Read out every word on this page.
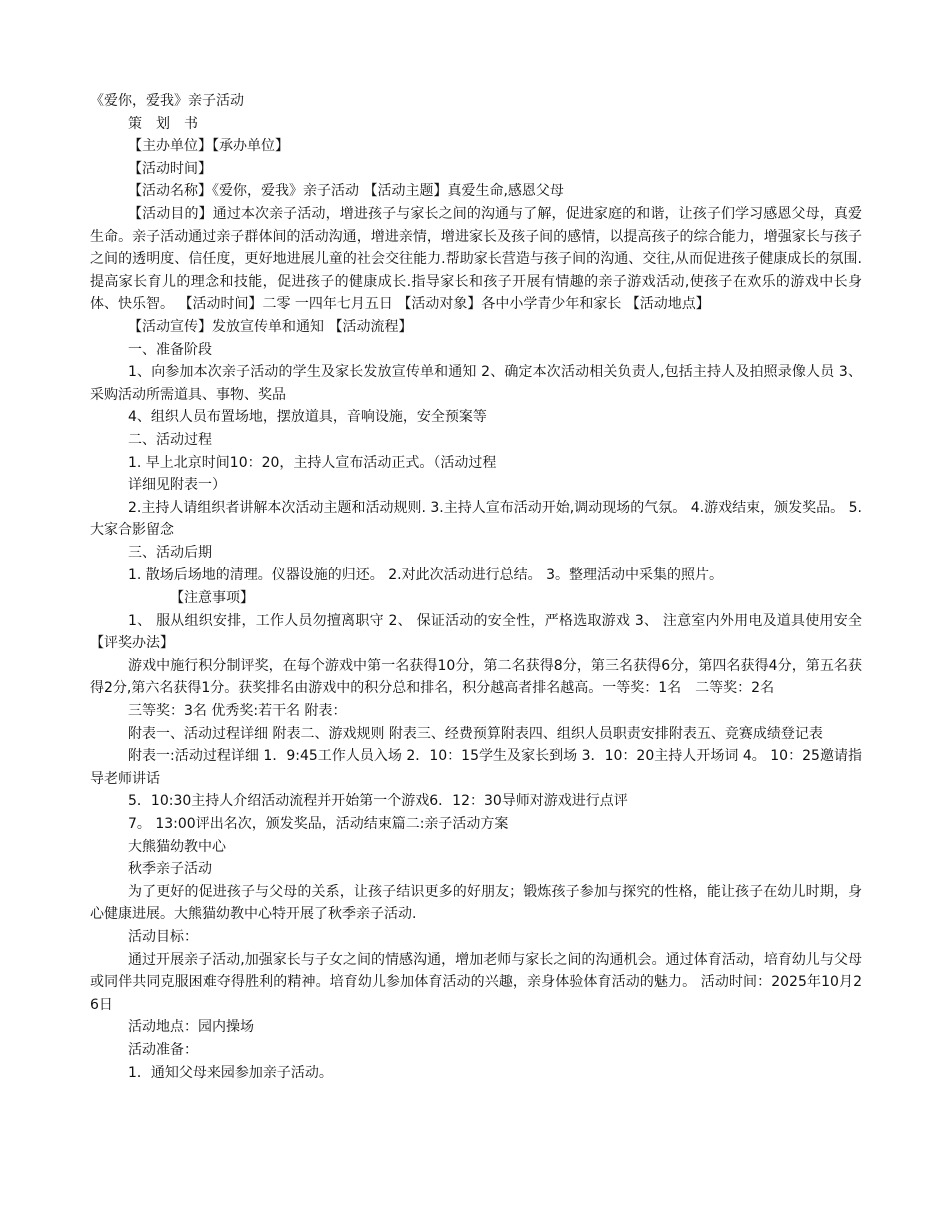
《爱你，爱我》亲子活动

策　划　书

【主办单位】【承办单位】

【活动时间】

【活动名称】《爱你，爱我》亲子活动 【活动主题】真爱生命,感恩父母

【活动目的】通过本次亲子活动，增进孩子与家长之间的沟通与了解，促进家庭的和谐，让孩子们学习感恩父母，真爱生命。亲子活动通过亲子群体间的活动沟通，增进亲情，增进家长及孩子间的感情，以提高孩子的综合能力，增强家长与孩子之间的透明度、信任度，更好地进展儿童的社会交往能力.帮助家长营造与孩子间的沟通、交往,从而促进孩子健康成长的氛围.提高家长育儿的理念和技能，促进孩子的健康成长.指导家长和孩子开展有情趣的亲子游戏活动,使孩子在欢乐的游戏中长身体、快乐智。 【活动时间】二零 一四年七月五日 【活动对象】各中小学青少年和家长 【活动地点】

【活动宣传】发放宣传单和通知 【活动流程】

一、准备阶段

1、向参加本次亲子活动的学生及家长发放宣传单和通知 2、确定本次活动相关负责人,包括主持人及拍照录像人员 3、采购活动所需道具、事物、奖品

4、组织人员布置场地，摆放道具，音响设施，安全预案等

二、活动过程

1. 早上北京时间10：20，主持人宣布活动正式。（活动过程

详细见附表一）

2.主持人请组织者讲解本次活动主题和活动规则. 3.主持人宣布活动开始,调动现场的气氛。 4.游戏结束，颁发奖品。 5. 大家合影留念

三、活动后期

1. 散场后场地的清理。仪器设施的归还。 2.对此次活动进行总结。 3。整理活动中采集的照片。

【注意事项】

1、 服从组织安排，工作人员勿擅离职守 2、 保证活动的安全性，严格选取游戏 3、 注意室内外用电及道具使用安全 【评奖办法】

游戏中施行积分制评奖，在每个游戏中第一名获得10分，第二名获得8分，第三名获得6分，第四名获得4分，第五名获得2分,第六名获得1分。获奖排名由游戏中的积分总和排名，积分越高者排名越高。一等奖：1名　二等奖：2名

三等奖：3名 优秀奖:若干名 附表：

附表一、活动过程详细 附表二、游戏规则 附表三、经费预算附表四、组织人员职责安排附表五、竞赛成绩登记表

附表一:活动过程详细 1．9:45工作人员入场 2．10：15学生及家长到场 3．10：20主持人开场词 4。 10：25邀请指导老师讲话

5．10:30主持人介绍活动流程并开始第一个游戏6．12：30导师对游戏进行点评

7。 13:00评出名次，颁发奖品，活动结束篇二:亲子活动方案

大熊猫幼教中心

秋季亲子活动

为了更好的促进孩子与父母的关系，让孩子结识更多的好朋友；锻炼孩子参加与探究的性格，能让孩子在幼儿时期，身心健康进展。大熊猫幼教中心特开展了秋季亲子活动.

活动目标：

通过开展亲子活动,加强家长与子女之间的情感沟通，增加老师与家长之间的沟通机会。通过体育活动，培育幼儿与父母或同伴共同克服困难夺得胜利的精神。培育幼儿参加体育活动的兴趣，亲身体验体育活动的魅力。 活动时间：2025年10月26日

活动地点：园内操场

活动准备：

1．通知父母来园参加亲子活动。
